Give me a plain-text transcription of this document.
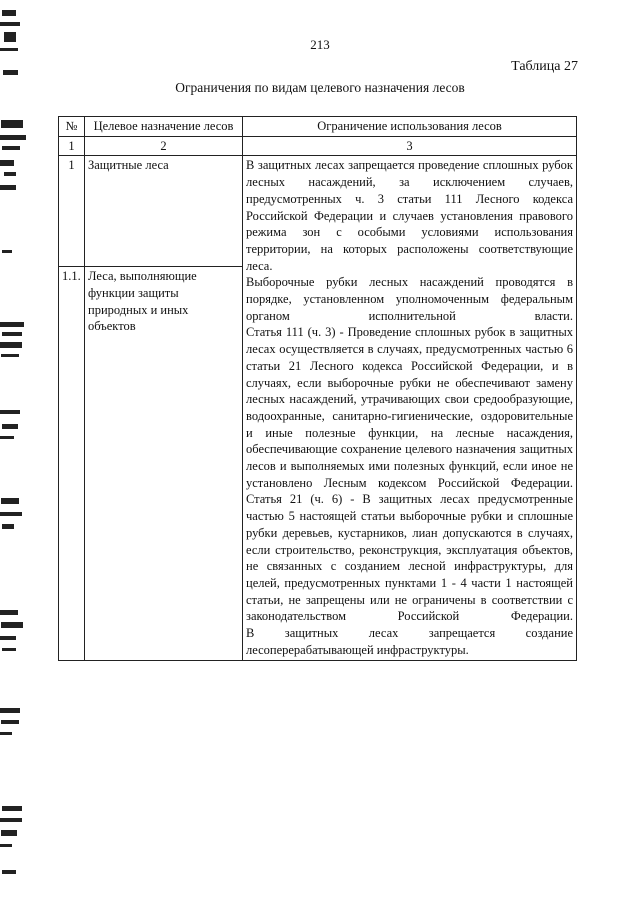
213
Таблица 27
Ограничения по видам целевого назначения лесов
№	Целевое назначение лесов	Ограничение использования лесов
1	2	3
1	Защитные леса	В защитных лесах запрещается проведение сплошных рубок лесных насаждений, за исключением случаев, предусмотренных ч. 3 статьи 111 Лесного кодекса Российской Федерации и случаев установления правового режима зон с особыми условиями использования территории, на которых расположены соответствующие леса.

Выборочные рубки лесных насаждений проводятся в порядке, установленном уполномоченным федеральным органом исполнительной власти.

Статья 111 (ч. 3) - Проведение сплошных рубок в защитных лесах осуществляется в случаях, предусмотренных частью 6 статьи 21 Лесного кодекса Российской Федерации, и в случаях, если выборочные рубки не обеспечивают замену лесных насаждений, утрачивающих свои средообразующие, водоохранные, санитарно-гигиенические, оздоровительные и иные полезные функции, на лесные насаждения, обеспечивающие сохранение целевого назначения защитных лесов и выполняемых ими полезных функций, если иное не установлено Лесным кодексом Российской Федерации.

Статья 21 (ч. 6) - В защитных лесах предусмотренные частью 5 настоящей статьи выборочные рубки и сплошные рубки деревьев, кустарников, лиан допускаются в случаях, если строительство, реконструкция, эксплуатация объектов, не связанных с созданием лесной инфраструктуры, для целей, предусмотренных пунктами 1 - 4 части 1 настоящей статьи, не запрещены или не ограничены в соответствии с законодательством Российской Федерации.

В защитных лесах запрещается создание лесоперерабатывающей инфраструктуры.

1.1.	Леса, выполняющие функции защиты природных и иных объектов	
